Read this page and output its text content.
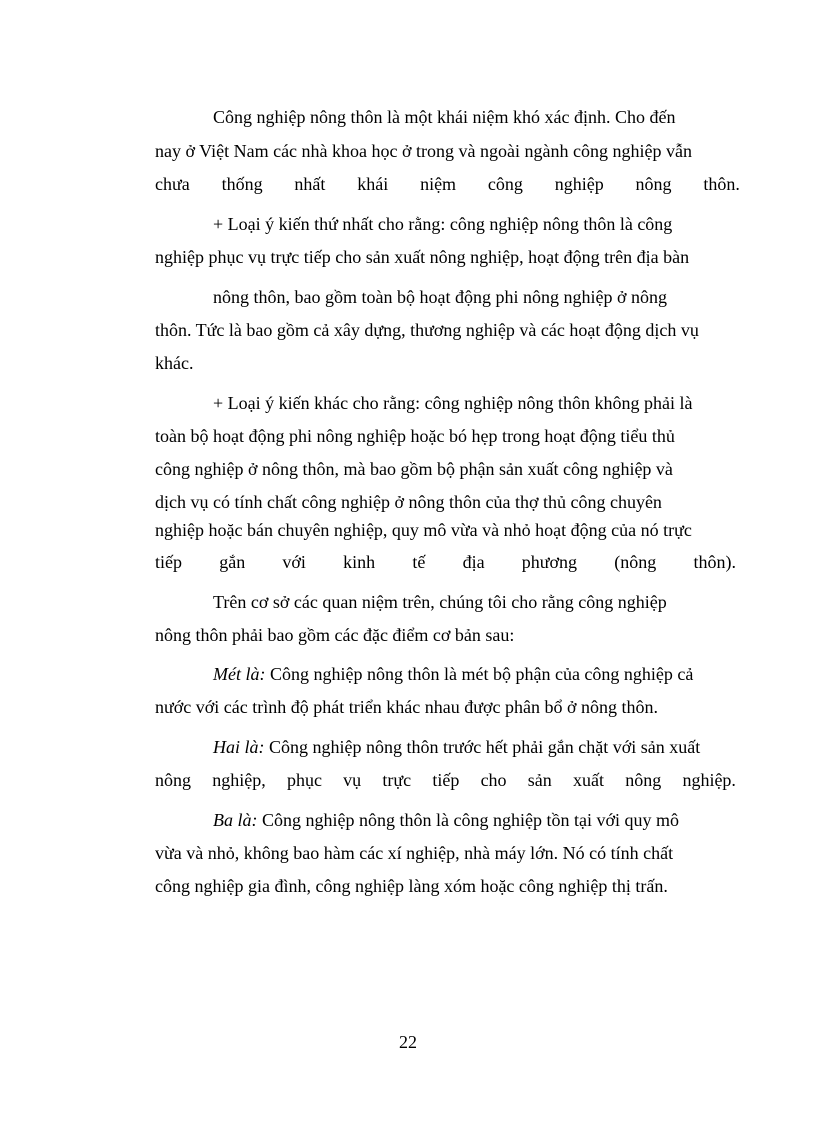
Công nghiệp nông thôn là một khái niệm khó xác định. Cho đến
nay ở Việt Nam các nhà khoa học ở trong và ngoài ngành công nghiệp vẫn
chưa thống nhất khái niệm công nghiệp nông thôn.
+ Loại ý kiến thứ nhất cho rằng: công nghiệp nông thôn là công
nghiệp phục vụ trực tiếp cho sản xuất nông nghiệp, hoạt động trên địa bàn
nông thôn, bao gồm toàn bộ hoạt động phi nông nghiệp ở nông
thôn. Tức là bao gồm cả xây dựng, thương nghiệp và các hoạt động dịch vụ
khác.
+ Loại ý kiến khác cho rằng: công nghiệp nông thôn không phải là
toàn bộ hoạt động phi nông nghiệp hoặc bó hẹp trong hoạt động tiểu thủ
công nghiệp ở nông thôn, mà bao gồm bộ phận sản xuất công nghiệp và
dịch vụ có tính chất công nghiệp ở nông thôn của thợ thủ công chuyên
nghiệp hoặc bán chuyên nghiệp, quy mô vừa và nhỏ hoạt động của nó trực
tiếp gắn với kinh tế địa phương (nông thôn).
Trên cơ sở các quan niệm trên, chúng tôi cho rằng công nghiệp
nông thôn phải bao gồm các đặc điểm cơ bản sau:
Mét là: Công nghiệp nông thôn là mét bộ phận của công nghiệp cả
nước với các trình độ phát triển khác nhau được phân bổ ở nông thôn.
Hai là: Công nghiệp nông thôn trước hết phải gắn chặt với sản xuất
nông nghiệp, phục vụ trực tiếp cho sản xuất nông nghiệp.
Ba là: Công nghiệp nông thôn là công nghiệp tồn tại với quy mô
vừa và nhỏ, không bao hàm các xí nghiệp, nhà máy lớn. Nó có tính chất
công nghiệp gia đình, công nghiệp làng xóm hoặc công nghiệp thị trấn.
22
